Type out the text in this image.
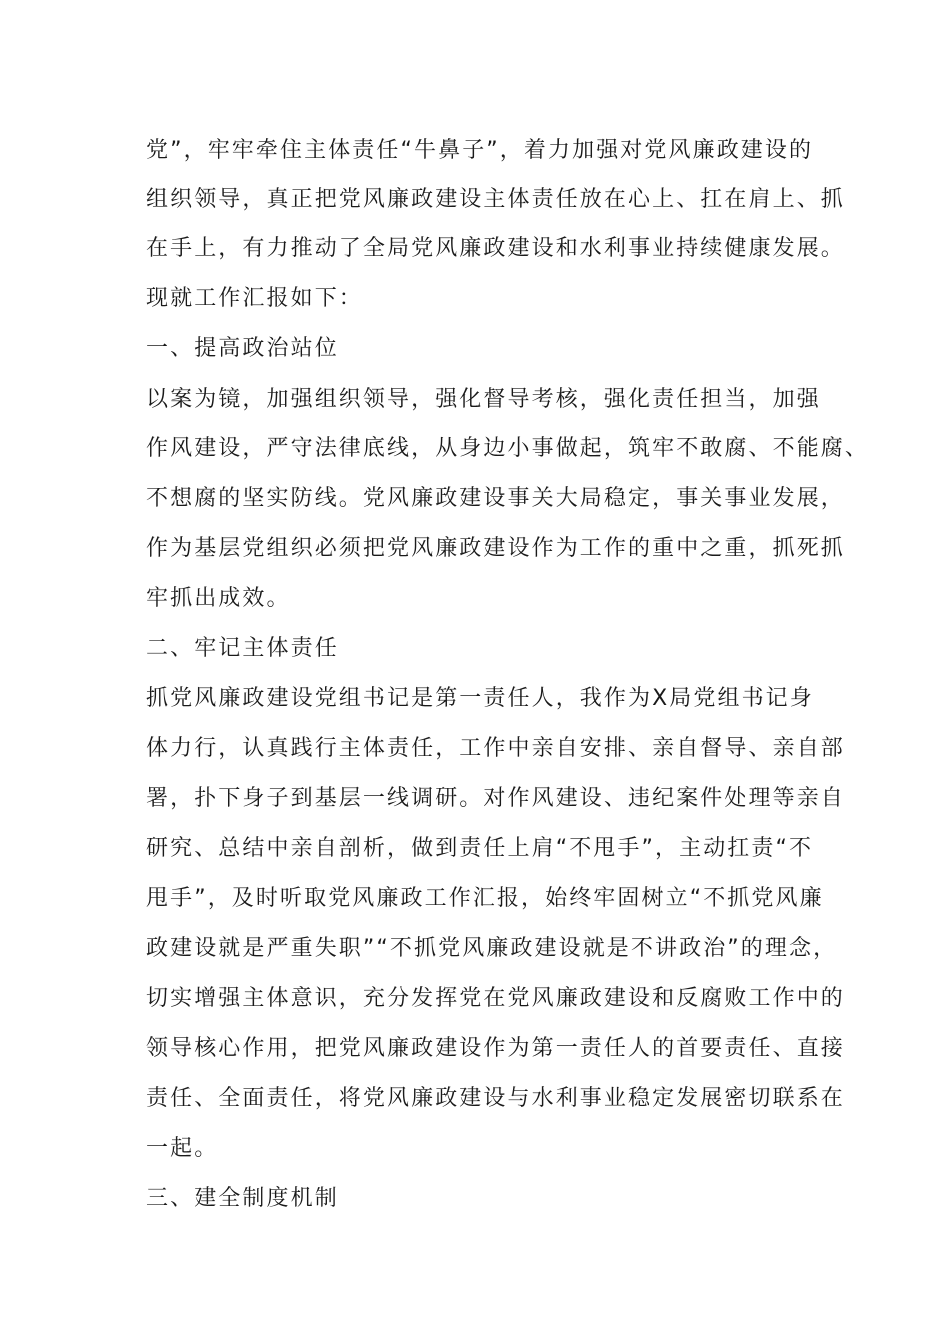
党”，牢牢牵住主体责任“牛鼻子”，着力加强对党风廉政建设的
组织领导，真正把党风廉政建设主体责任放在心上、扛在肩上、抓
在手上，有力推动了全局党风廉政建设和水利事业持续健康发展。
现就工作汇报如下：
一、提高政治站位
以案为镜，加强组织领导，强化督导考核，强化责任担当，加强
作风建设，严守法律底线，从身边小事做起，筑牢不敢腐、不能腐、
不想腐的坚实防线。党风廉政建设事关大局稳定，事关事业发展，
作为基层党组织必须把党风廉政建设作为工作的重中之重，抓死抓
牢抓出成效。
二、牢记主体责任
抓党风廉政建设党组书记是第一责任人，我作为X局党组书记身
体力行，认真践行主体责任，工作中亲自安排、亲自督导、亲自部
署，扑下身子到基层一线调研。对作风建设、违纪案件处理等亲自
研究、总结中亲自剖析，做到责任上肩“不甩手”，主动扛责“不
甩手”，及时听取党风廉政工作汇报，始终牢固树立“不抓党风廉
政建设就是严重失职”“不抓党风廉政建设就是不讲政治”的理念，
切实增强主体意识，充分发挥党在党风廉政建设和反腐败工作中的
领导核心作用，把党风廉政建设作为第一责任人的首要责任、直接
责任、全面责任，将党风廉政建设与水利事业稳定发展密切联系在
一起。
三、建全制度机制
